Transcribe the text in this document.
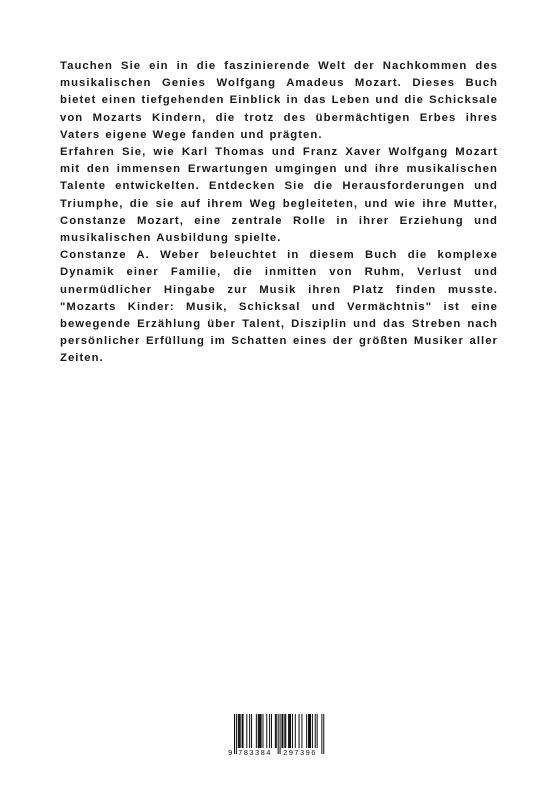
Tauchen Sie ein in die faszinierende Welt der Nachkommen des musikalischen Genies Wolfgang Amadeus Mozart. Dieses Buch bietet einen tiefgehenden Einblick in das Leben und die Schicksale von Mozarts Kindern, die trotz des übermächtigen Erbes ihres Vaters eigene Wege fanden und prägten.

Erfahren Sie, wie Karl Thomas und Franz Xaver Wolfgang Mozart mit den immensen Erwartungen umgingen und ihre musikalischen Talente entwickelten. Entdecken Sie die Herausforderungen und Triumphe, die sie auf ihrem Weg begleiteten, und wie ihre Mutter, Constanze Mozart, eine zentrale Rolle in ihrer Erziehung und musikalischen Ausbildung spielte.

Constanze A. Weber beleuchtet in diesem Buch die komplexe Dynamik einer Familie, die inmitten von Ruhm, Verlust und unermüdlicher Hingabe zur Musik ihren Platz finden musste. "Mozarts Kinder: Musik, Schicksal und Vermächtnis" ist eine bewegende Erzählung über Talent, Disziplin und das Streben nach persönlicher Erfüllung im Schatten eines der größten Musiker aller Zeiten.

9 783384 297396
